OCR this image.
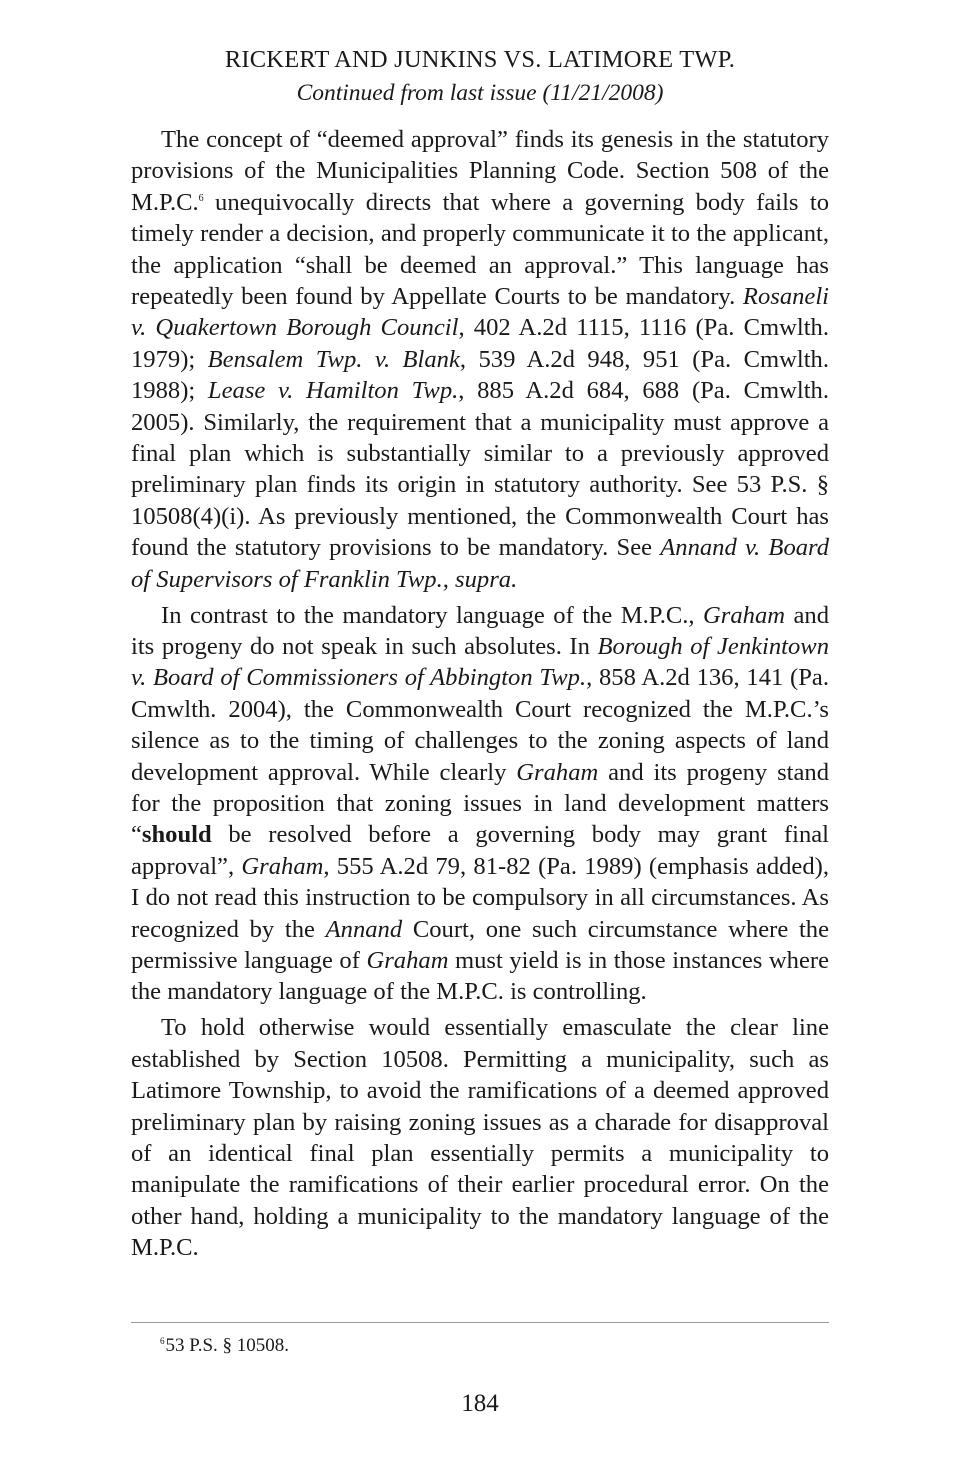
RICKERT AND JUNKINS VS. LATIMORE TWP.
Continued from last issue (11/21/2008)

The concept of “deemed approval” finds its genesis in the statutory provisions of the Municipalities Planning Code. Section 508 of the M.P.C.$^6$ unequivocally directs that where a governing body fails to timely render a decision, and properly communicate it to the applicant, the application “shall be deemed an approval.” This language has repeatedly been found by Appellate Courts to be mandatory. Rosaneli v. Quakertown Borough Council, 402 A.2d 1115, 1116 (Pa. Cmwlth. 1979); Bensalem Twp. v. Blank, 539 A.2d 948, 951 (Pa. Cmwlth. 1988); Lease v. Hamilton Twp., 885 A.2d 684, 688 (Pa. Cmwlth. 2005). Similarly, the requirement that a municipality must approve a final plan which is substantially similar to a previously approved preliminary plan finds its origin in statutory authority. See 53 P.S. § 10508(4)(i). As previously mentioned, the Commonwealth Court has found the statutory provisions to be mandatory. See Annand v. Board of Supervisors of Franklin Twp., supra.

In contrast to the mandatory language of the M.P.C., Graham and its progeny do not speak in such absolutes. In Borough of Jenkintown v. Board of Commissioners of Abbington Twp., 858 A.2d 136, 141 (Pa. Cmwlth. 2004), the Commonwealth Court recognized the M.P.C.’s silence as to the timing of challenges to the zoning aspects of land development approval. While clearly Graham and its progeny stand for the proposition that zoning issues in land development matters “should be resolved before a governing body may grant final approval”, Graham, 555 A.2d 79, 81-82 (Pa. 1989) (emphasis added), I do not read this instruction to be compulsory in all circumstances. As recognized by the Annand Court, one such circumstance where the permissive language of Graham must yield is in those instances where the mandatory language of the M.P.C. is controlling.

To hold otherwise would essentially emasculate the clear line established by Section 10508. Permitting a municipality, such as Latimore Township, to avoid the ramifications of a deemed approved preliminary plan by raising zoning issues as a charade for disapproval of an identical final plan essentially permits a municipality to manipulate the ramifications of their earlier procedural error. On the other hand, holding a municipality to the mandatory language of the M.P.C.

$^6$53 P.S. § 10508.
184
